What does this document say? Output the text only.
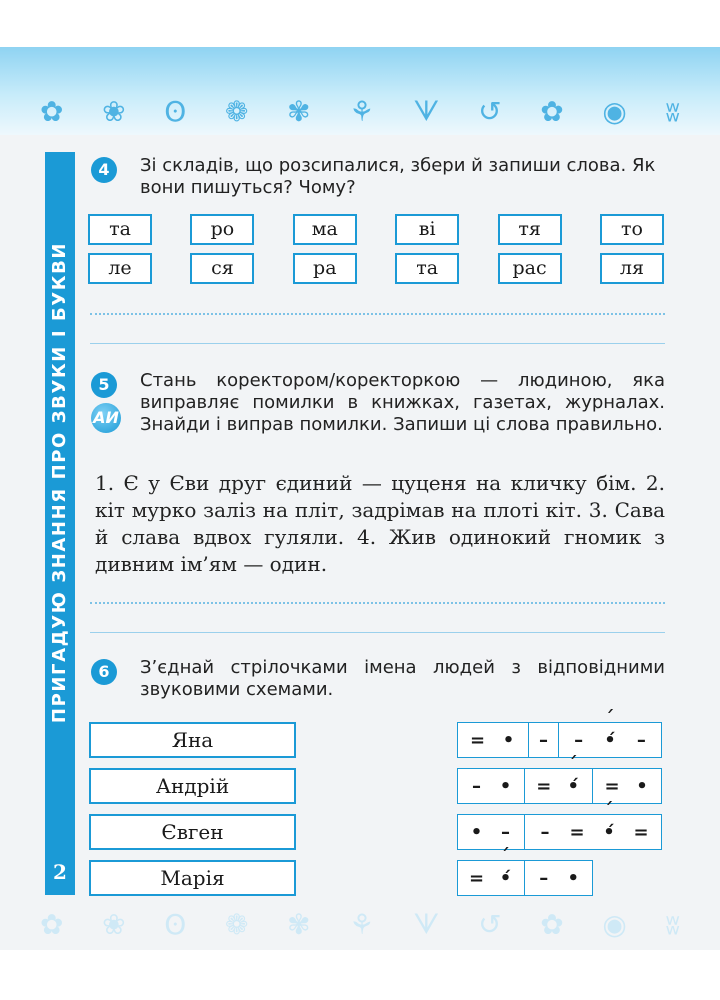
✿ ❀ ʘ ❁ ✾ ⚘ ᗐ ↺ ✿ ◉ ʬ
ПРИГАДУЮ ЗНАННЯ ПРО ЗВУКИ І БУКВИ
2
4	Зі складів, що розсипалися, збери й запиши слова. Як вони пишуться? Чому?
та	ро	ма	ві	тя	то
ле	ся	ра	та	рас	ля
5
АИ
Стань коректором/коректоркою — людиною, яка виправляє помилки в книжках, газетах, журналах. Знайди і виправ помилки. Запиши ці слова правильно.
1. Є у Єви друг єдиний — цуценя на кличку бім. 2. кіт мурко заліз на пліт, задрімав на плоті кіт. 3. Сава й слава вдвох гуляли. 4. Жив одинокий гномик з дивним ім’ям — один.
6	З’єднай стрілочками імена людей з відповідними звуковими схемами.
Яна
Андрій
Євген
Марія
= • – – ´ •́ –
– • = ´ •́ = •
• – – = ´ •́ =
= ´ •́ – •
✿ ❀ ʘ ❁ ✾ ⚘ ᗐ ↺ ✿ ◉ ʬ
